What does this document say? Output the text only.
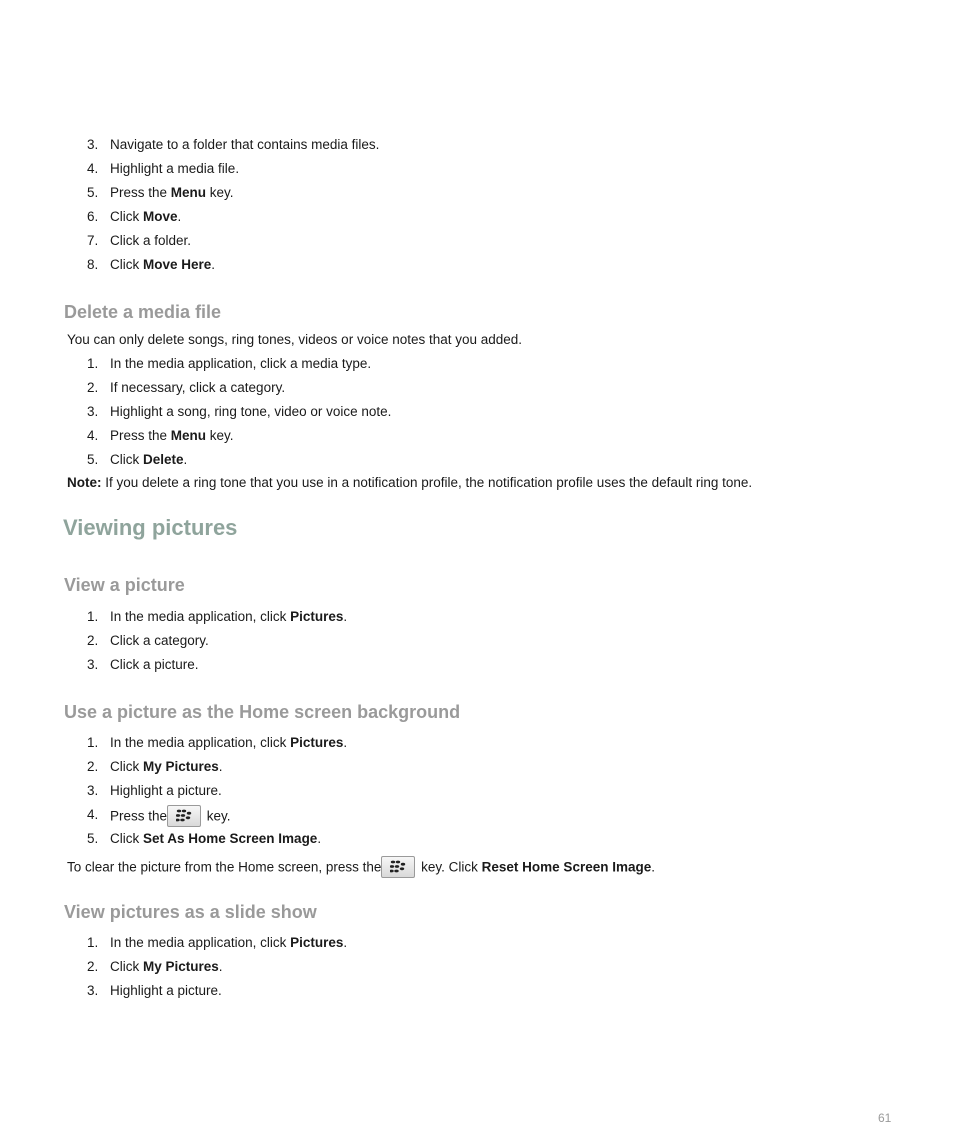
3. Navigate to a folder that contains media files.
4. Highlight a media file.
5. Press the Menu key.
6. Click Move.
7. Click a folder.
8. Click Move Here.
Delete a media file

You can only delete songs, ring tones, videos or voice notes that you added.

1. In the media application, click a media type.
2. If necessary, click a category.
3. Highlight a song, ring tone, video or voice note.
4. Press the Menu key.
5. Click Delete.

Note: If you delete a ring tone that you use in a notification profile, the notification profile uses the default ring tone.

Viewing pictures
View a picture
1. In the media application, click Pictures.
2. Click a category.
3. Click a picture.
Use a picture as the Home screen background
1. In the media application, click Pictures.
2. Click My Pictures.
3. Highlight a picture.
4. Press the	key.
5. Click Set As Home Screen Image.

To clear the picture from the Home screen, press the	key. Click Reset Home Screen Image.

View pictures as a slide show
1. In the media application, click Pictures.
2. Click My Pictures.
3. Highlight a picture.
61
